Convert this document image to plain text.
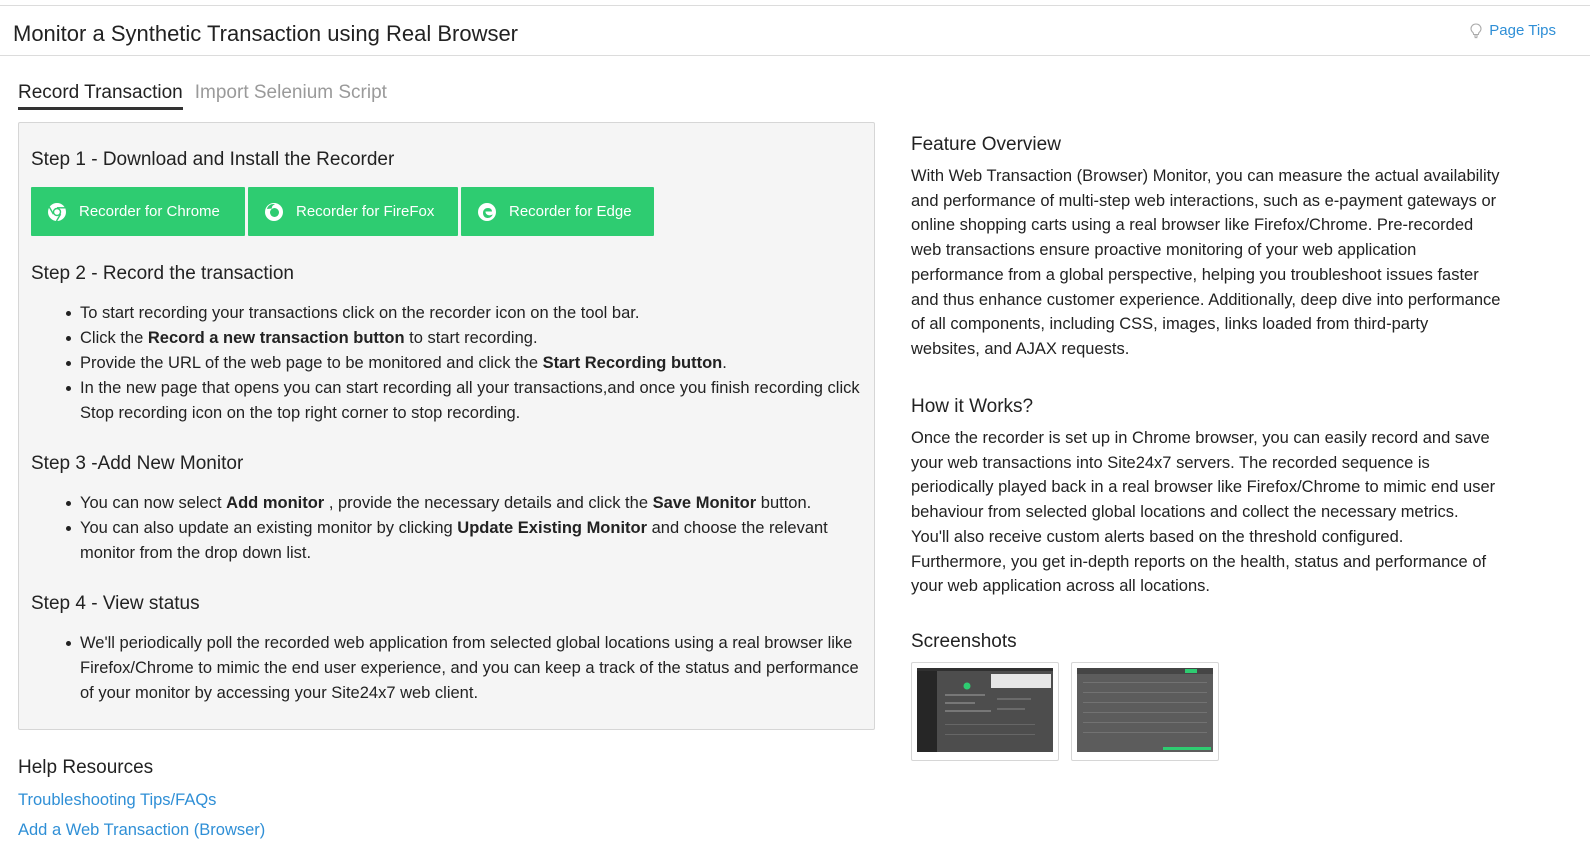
Monitor a Synthetic Transaction using Real Browser	Page Tips
Record Transaction Import Selenium Script
Step 1 - Download and Install the Recorder
Recorder for Chrome	Recorder for FireFox	Recorder for Edge
Step 2 - Record the transaction
To start recording your transactions click on the recorder icon on the tool bar.
Click the Record a new transaction button to start recording.
Provide the URL of the web page to be monitored and click the Start Recording button.
In the new page that opens you can start recording all your transactions,and once you finish recording click Stop recording icon on the top right corner to stop recording.
Step 3 -Add New Monitor
You can now select Add monitor , provide the necessary details and click the Save Monitor button.
You can also update an existing monitor by clicking Update Existing Monitor and choose the relevant monitor from the drop down list.
Step 4 - View status
We'll periodically poll the recorded web application from selected global locations using a real browser like Firefox/Chrome to mimic the end user experience, and you can keep a track of the status and performance of your monitor by accessing your Site24x7 web client.
Help Resources
Troubleshooting Tips/FAQs
Add a Web Transaction (Browser)
Feature Overview
With Web Transaction (Browser) Monitor, you can measure the actual availability and performance of multi-step web interactions, such as e-payment gateways or online shopping carts using a real browser like Firefox/Chrome. Pre-recorded web transactions ensure proactive monitoring of your web application performance from a global perspective, helping you troubleshoot issues faster and thus enhance customer experience. Additionally, deep dive into performance of all components, including CSS, images, links loaded from third-party websites, and AJAX requests.
How it Works?
Once the recorder is set up in Chrome browser, you can easily record and save your web transactions into Site24x7 servers. The recorded sequence is periodically played back in a real browser like Firefox/Chrome to mimic end user behaviour from selected global locations and collect the necessary metrics. You'll also receive custom alerts based on the threshold configured. Furthermore, you get in-depth reports on the health, status and performance of your web application across all locations.
Screenshots
